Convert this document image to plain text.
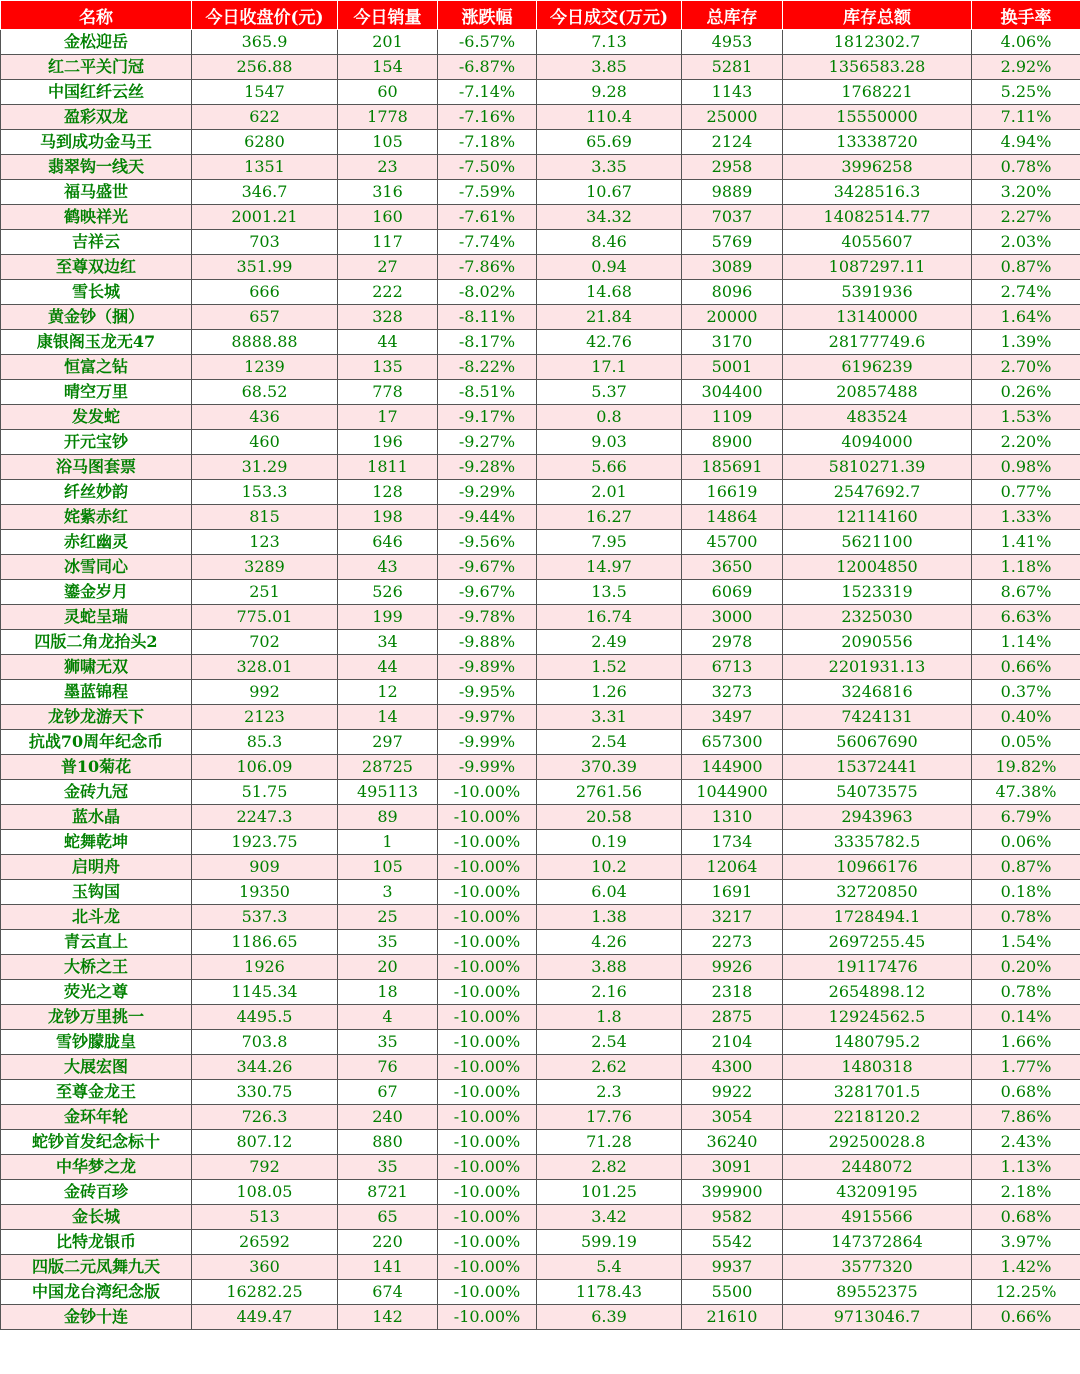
名称	今日收盘价(元)	今日销量	涨跌幅	今日成交(万元)	总库存	库存总额	换手率
金松迎岳	365.9	201	-6.57%	7.13	4953	1812302.7	4.06%
红二平关门冠	256.88	154	-6.87%	3.85	5281	1356583.28	2.92%
中国红纤云丝	1547	60	-7.14%	9.28	1143	1768221	5.25%
盈彩双龙	622	1778	-7.16%	110.4	25000	15550000	7.11%
马到成功金马王	6280	105	-7.18%	65.69	2124	13338720	4.94%
翡翠钩一线天	1351	23	-7.50%	3.35	2958	3996258	0.78%
福马盛世	346.7	316	-7.59%	10.67	9889	3428516.3	3.20%
鹤映祥光	2001.21	160	-7.61%	34.32	7037	14082514.77	2.27%
吉祥云	703	117	-7.74%	8.46	5769	4055607	2.03%
至尊双边红	351.99	27	-7.86%	0.94	3089	1087297.11	0.87%
雪长城	666	222	-8.02%	14.68	8096	5391936	2.74%
黄金钞（捆）	657	328	-8.11%	21.84	20000	13140000	1.64%
康银阁玉龙无47	8888.88	44	-8.17%	42.76	3170	28177749.6	1.39%
恒富之钻	1239	135	-8.22%	17.1	5001	6196239	2.70%
晴空万里	68.52	778	-8.51%	5.37	304400	20857488	0.26%
发发蛇	436	17	-9.17%	0.8	1109	483524	1.53%
开元宝钞	460	196	-9.27%	9.03	8900	4094000	2.20%
浴马图套票	31.29	1811	-9.28%	5.66	185691	5810271.39	0.98%
纤丝妙韵	153.3	128	-9.29%	2.01	16619	2547692.7	0.77%
姹紫赤红	815	198	-9.44%	16.27	14864	12114160	1.33%
赤红幽灵	123	646	-9.56%	7.95	45700	5621100	1.41%
冰雪同心	3289	43	-9.67%	14.97	3650	12004850	1.18%
鎏金岁月	251	526	-9.67%	13.5	6069	1523319	8.67%
灵蛇呈瑞	775.01	199	-9.78%	16.74	3000	2325030	6.63%
四版二角龙抬头2	702	34	-9.88%	2.49	2978	2090556	1.14%
狮啸无双	328.01	44	-9.89%	1.52	6713	2201931.13	0.66%
墨蓝锦程	992	12	-9.95%	1.26	3273	3246816	0.37%
龙钞龙游天下	2123	14	-9.97%	3.31	3497	7424131	0.40%
抗战70周年纪念币	85.3	297	-9.99%	2.54	657300	56067690	0.05%
普10菊花	106.09	28725	-9.99%	370.39	144900	15372441	19.82%
金砖九冠	51.75	495113	-10.00%	2761.56	1044900	54073575	47.38%
蓝水晶	2247.3	89	-10.00%	20.58	1310	2943963	6.79%
蛇舞乾坤	1923.75	1	-10.00%	0.19	1734	3335782.5	0.06%
启明舟	909	105	-10.00%	10.2	12064	10966176	0.87%
玉钩国	19350	3	-10.00%	6.04	1691	32720850	0.18%
北斗龙	537.3	25	-10.00%	1.38	3217	1728494.1	0.78%
青云直上	1186.65	35	-10.00%	4.26	2273	2697255.45	1.54%
大桥之王	1926	20	-10.00%	3.88	9926	19117476	0.20%
荧光之尊	1145.34	18	-10.00%	2.16	2318	2654898.12	0.78%
龙钞万里挑一	4495.5	4	-10.00%	1.8	2875	12924562.5	0.14%
雪钞朦胧皇	703.8	35	-10.00%	2.54	2104	1480795.2	1.66%
大展宏图	344.26	76	-10.00%	2.62	4300	1480318	1.77%
至尊金龙王	330.75	67	-10.00%	2.3	9922	3281701.5	0.68%
金环年轮	726.3	240	-10.00%	17.76	3054	2218120.2	7.86%
蛇钞首发纪念标十	807.12	880	-10.00%	71.28	36240	29250028.8	2.43%
中华梦之龙	792	35	-10.00%	2.82	3091	2448072	1.13%
金砖百珍	108.05	8721	-10.00%	101.25	399900	43209195	2.18%
金长城	513	65	-10.00%	3.42	9582	4915566	0.68%
比特龙银币	26592	220	-10.00%	599.19	5542	147372864	3.97%
四版二元凤舞九天	360	141	-10.00%	5.4	9937	3577320	1.42%
中国龙台湾纪念版	16282.25	674	-10.00%	1178.43	5500	89552375	12.25%
金钞十连	449.47	142	-10.00%	6.39	21610	9713046.7	0.66%
